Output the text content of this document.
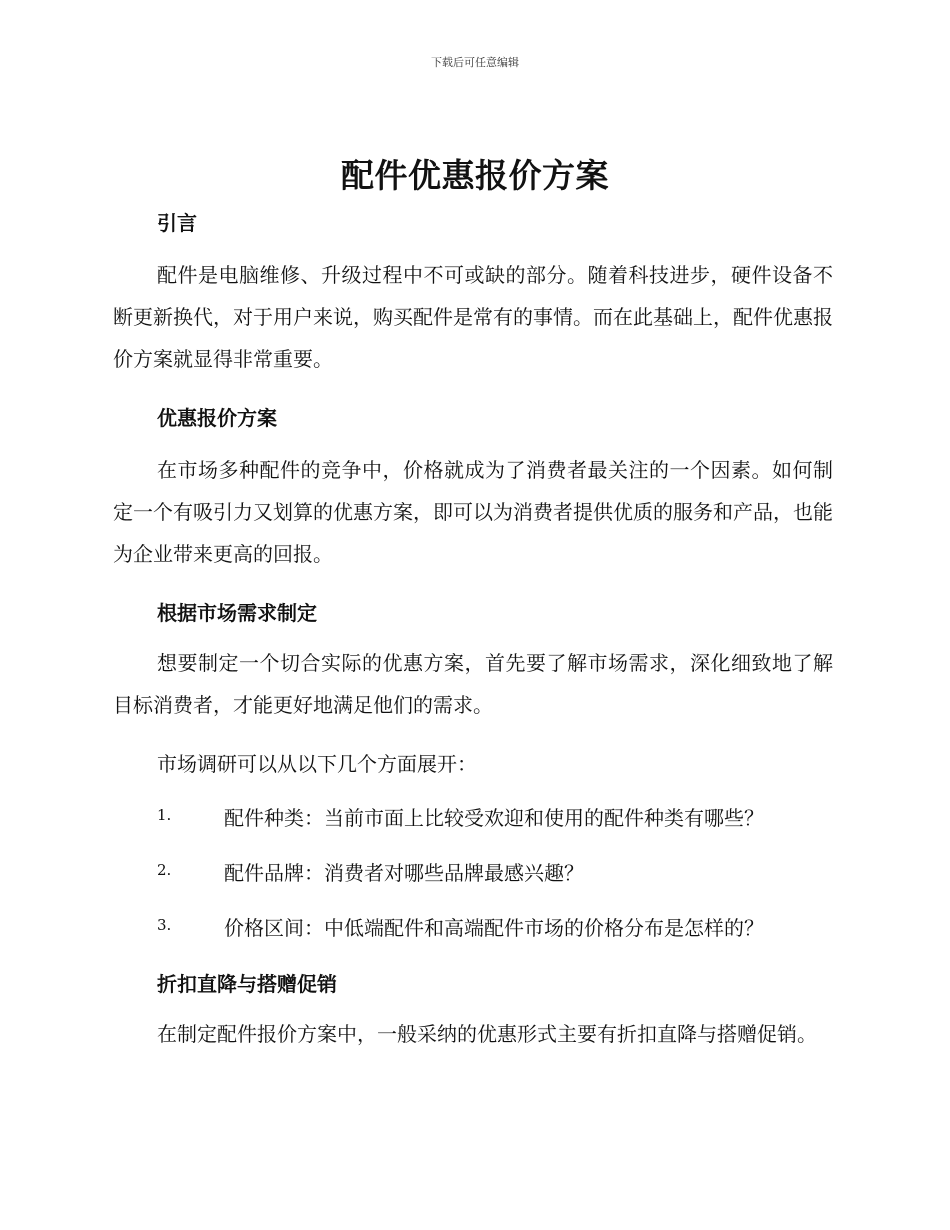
下载后可任意编辑
配件优惠报价方案
引言
配件是电脑维修、升级过程中不可或缺的部分。随着科技进步，硬件设备不断更新换代，对于用户来说，购买配件是常有的事情。而在此基础上，配件优惠报价方案就显得非常重要。
优惠报价方案
在市场多种配件的竞争中，价格就成为了消费者最关注的一个因素。如何制定一个有吸引力又划算的优惠方案，即可以为消费者提供优质的服务和产品，也能为企业带来更高的回报。
根据市场需求制定
想要制定一个切合实际的优惠方案，首先要了解市场需求，深化细致地了解目标消费者，才能更好地满足他们的需求。
市场调研可以从以下几个方面展开：
1.	配件种类：当前市面上比较受欢迎和使用的配件种类有哪些？
2.	配件品牌：消费者对哪些品牌最感兴趣？
3.	价格区间：中低端配件和高端配件市场的价格分布是怎样的？
折扣直降与搭赠促销
在制定配件报价方案中，一般采纳的优惠形式主要有折扣直降与搭赠促销。
